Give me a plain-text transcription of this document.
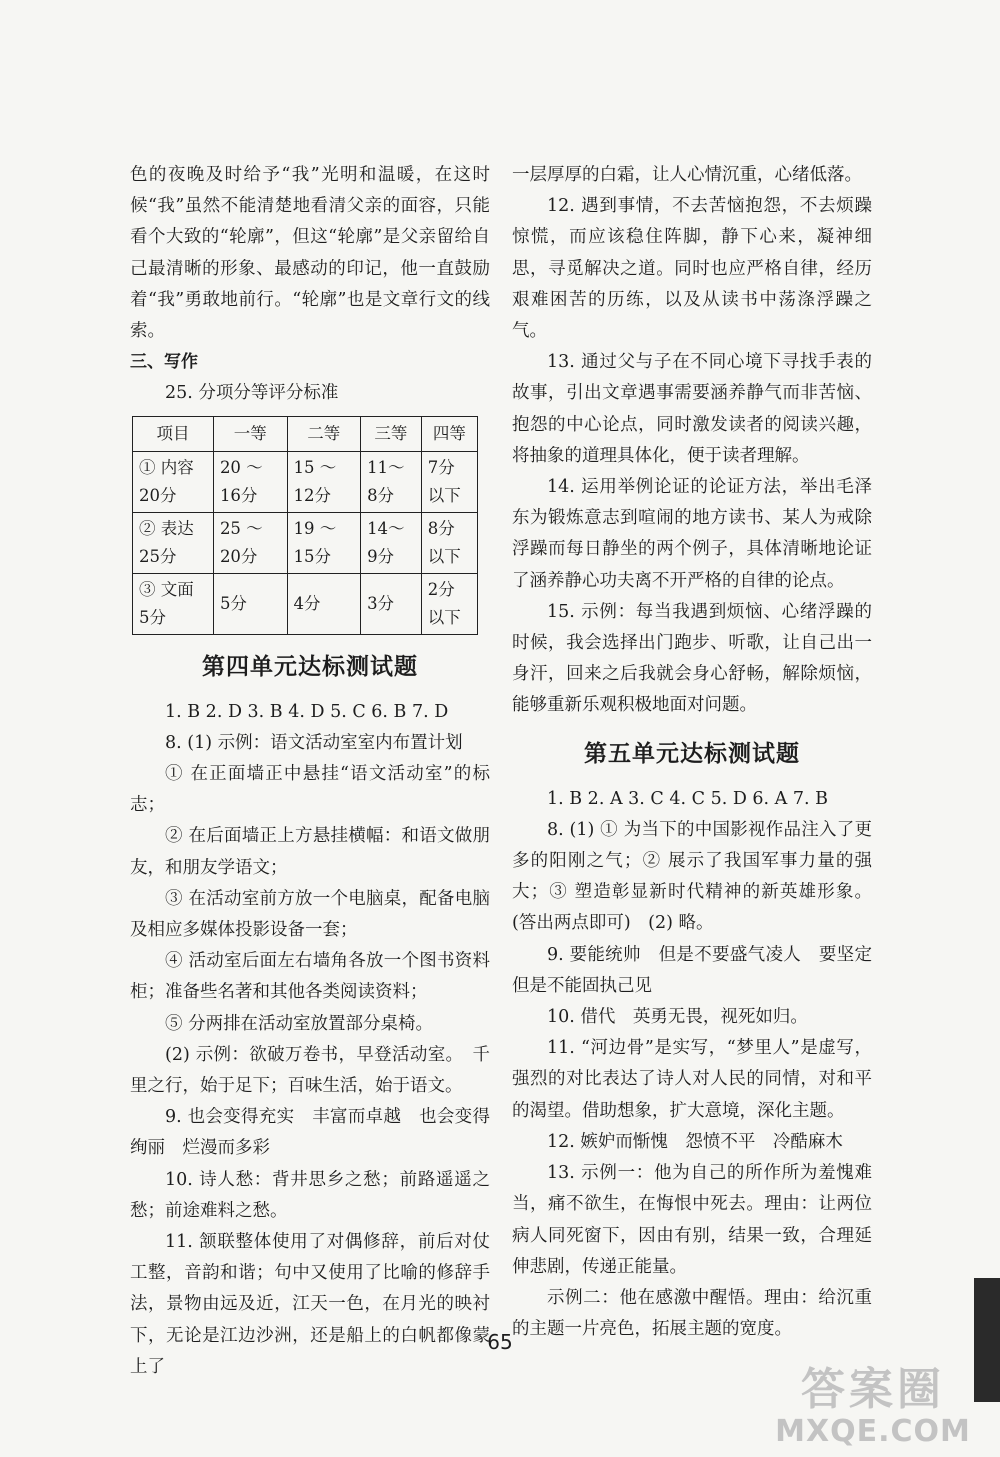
色的夜晚及时给予“我”光明和温暖，在这时候“我”虽然不能清楚地看清父亲的面容，只能看个大致的“轮廓”，但这“轮廓”是父亲留给自己最清晰的形象、最感动的印记，他一直鼓励着“我”勇敢地前行。“轮廓”也是文章行文的线索。

三、写作

25. 分项分等评分标准

项目	一等	二等	三等	四等
① 内容 20分	20 ～ 16分	15 ～ 12分	11～8分	7分以下
② 表达 25分	25 ～ 20分	19 ～ 15分	14～9分	8分以下
③ 文面 5分	5分	4分	3分	2分以下
第四单元达标测试题

1. B 2. D 3. B 4. D 5. C 6. B 7. D

8. (1) 示例：语文活动室室内布置计划

① 在正面墙正中悬挂“语文活动室”的标志；

② 在后面墙正上方悬挂横幅：和语文做朋友，和朋友学语文；

③ 在活动室前方放一个电脑桌，配备电脑及相应多媒体投影设备一套；

④ 活动室后面左右墙角各放一个图书资料柜；准备些名著和其他各类阅读资料；

⑤ 分两排在活动室放置部分桌椅。

(2) 示例：欲破万卷书，早登活动室。　千里之行，始于足下；百味生活，始于语文。

9. 也会变得充实　丰富而卓越　也会变得绚丽　烂漫而多彩

10. 诗人愁：背井思乡之愁；前路遥遥之愁；前途难料之愁。

11. 颔联整体使用了对偶修辞，前后对仗工整，音韵和谐；句中又使用了比喻的修辞手法，景物由远及近，江天一色，在月光的映衬下，无论是江边沙洲，还是船上的白帆都像蒙上了

一层厚厚的白霜，让人心情沉重，心绪低落。

12. 遇到事情，不去苦恼抱怨，不去烦躁惊慌，而应该稳住阵脚，静下心来，凝神细思，寻觅解决之道。同时也应严格自律，经历艰难困苦的历练，以及从读书中荡涤浮躁之气。

13. 通过父与子在不同心境下寻找手表的故事，引出文章遇事需要涵养静气而非苦恼、抱怨的中心论点，同时激发读者的阅读兴趣，将抽象的道理具体化，便于读者理解。

14. 运用举例论证的论证方法，举出毛泽东为锻炼意志到喧闹的地方读书、某人为戒除浮躁而每日静坐的两个例子，具体清晰地论证了涵养静心功夫离不开严格的自律的论点。

15. 示例：每当我遇到烦恼、心绪浮躁的时候，我会选择出门跑步、听歌，让自己出一身汗，回来之后我就会身心舒畅，解除烦恼，能够重新乐观积极地面对问题。

第五单元达标测试题

1. B 2. A 3. C 4. C 5. D 6. A 7. B

8. (1) ① 为当下的中国影视作品注入了更多的阳刚之气；② 展示了我国军事力量的强大；③ 塑造彰显新时代精神的新英雄形象。(答出两点即可)　(2) 略。

9. 要能统帅　但是不要盛气凌人　要坚定　但是不能固执己见

10. 借代　英勇无畏，视死如归。

11. “河边骨”是实写，“梦里人”是虚写，强烈的对比表达了诗人对人民的同情，对和平的渴望。借助想象，扩大意境，深化主题。

12. 嫉妒而惭愧　怨愤不平　冷酷麻木

13. 示例一：他为自己的所作所为羞愧难当，痛不欲生，在悔恨中死去。理由：让两位病人同死窗下，因由有别，结果一致，合理延伸悲剧，传递正能量。

示例二：他在感激中醒悟。理由：给沉重的主题一片亮色，拓展主题的宽度。

65
答案圈
MXQE.COM
